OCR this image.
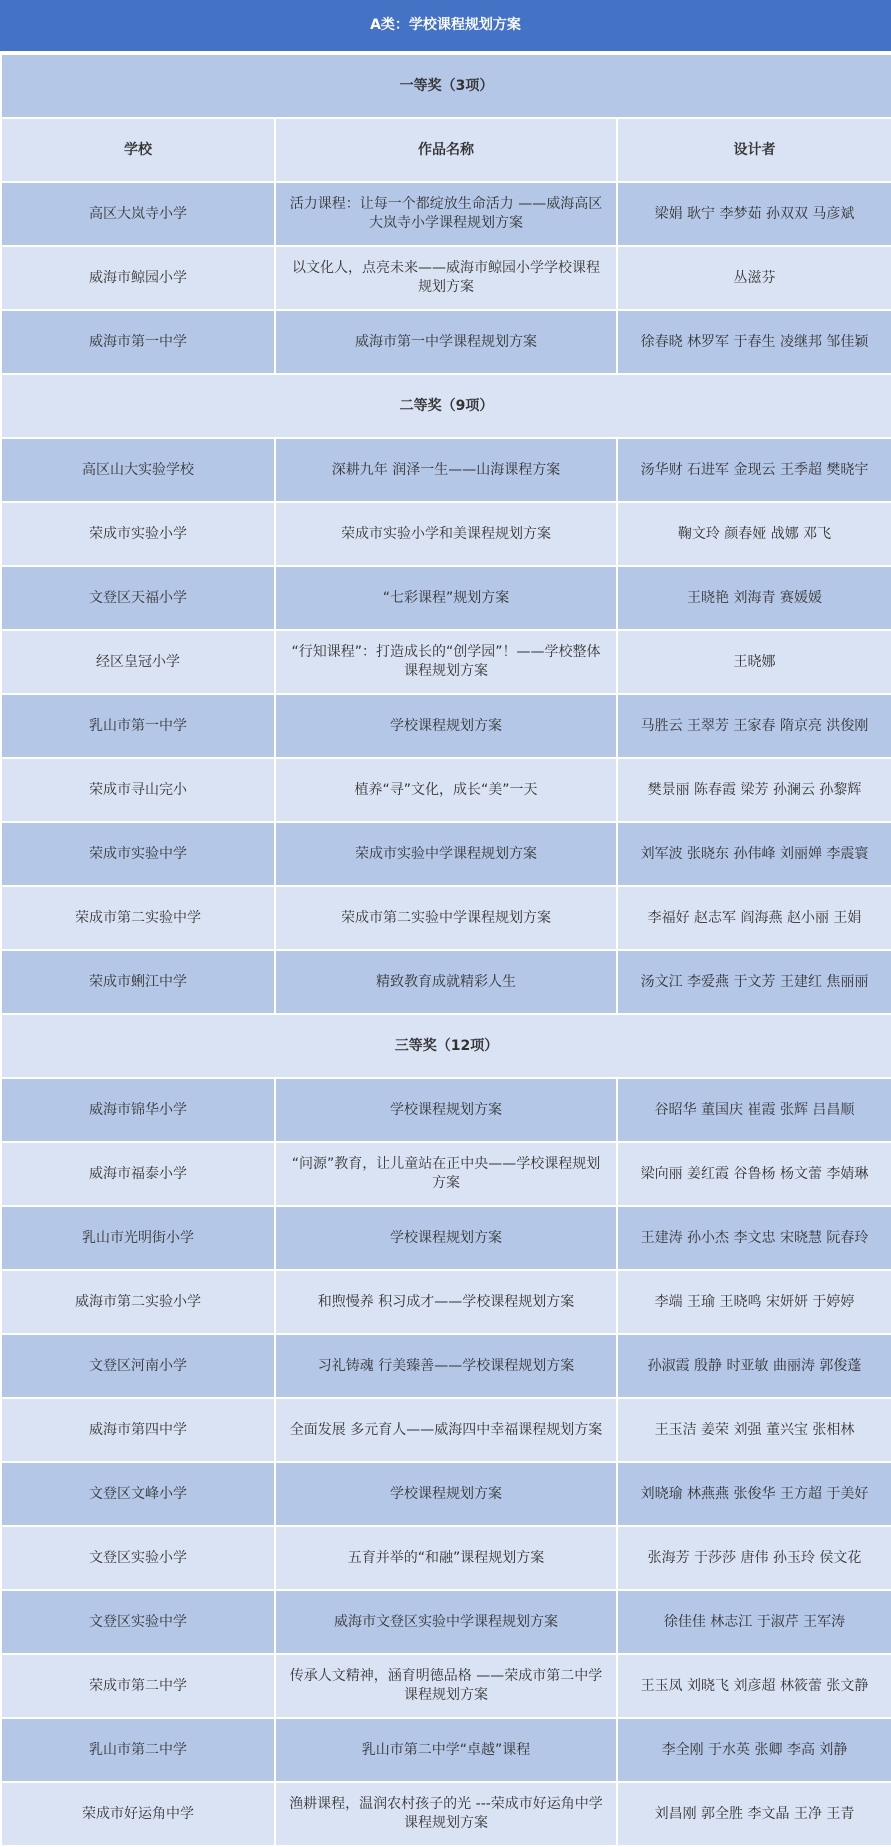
A类：学校课程规划方案
一等奖（3项）		
学校	作品名称	设计者
高区大岚寺小学	活力课程：让每一个都绽放生命活力 ——威海高区大岚寺小学课程规划方案	梁娟 耿宁 李梦茹 孙双双 马彦斌
威海市鲸园小学	以文化人，点亮未来——威海市鲸园小学学校课程规划方案	丛滋芬
威海市第一中学	威海市第一中学课程规划方案	徐春晓 林罗军 于春生 凌继邦 邹佳颖
二等奖（9项）		
高区山大实验学校	深耕九年 润泽一生——山海课程方案	汤华财 石进军 金现云 王季超 樊晓宇
荣成市实验小学	荣成市实验小学和美课程规划方案	鞠文玲 颜春娅 战娜 邓飞
文登区天福小学	“七彩课程”规划方案	王晓艳 刘海青 赛媛媛
经区皇冠小学	“行知课程”：打造成长的“创学园”！——学校整体课程规划方案	王晓娜
乳山市第一中学	学校课程规划方案	马胜云 王翠芳 王家春 隋京亮 洪俊刚
荣成市寻山完小	植养“寻”文化，成长“美”一天	樊景丽 陈春霞 梁芳 孙澜云 孙黎辉
荣成市实验中学	荣成市实验中学课程规划方案	刘军波 张晓东 孙伟峰 刘丽婵 李震寰
荣成市第二实验中学	荣成市第二实验中学课程规划方案	李福好 赵志军 阎海燕 赵小丽 王娟
荣成市蜊江中学	精致教育成就精彩人生	汤文江 李爱燕 于文芳 王建红 焦丽丽
三等奖（12项）		
威海市锦华小学	学校课程规划方案	谷昭华 董国庆 崔霞 张辉 吕昌顺
威海市福泰小学	“问源”教育，让儿童站在正中央——学校课程规划方案	梁向丽 姜红霞 谷鲁杨 杨文蕾 李婧琳
乳山市光明街小学	学校课程规划方案	王建涛 孙小杰 李文忠 宋晓慧 阮春玲
威海市第二实验小学	和煦慢养 积习成才——学校课程规划方案	李端 王瑜 王晓鸣 宋妍妍 于婷婷
文登区河南小学	习礼铸魂 行美臻善——学校课程规划方案	孙淑霞 殷静 时亚敏 曲丽涛 郭俊蓬
威海市第四中学	全面发展 多元育人——威海四中幸福课程规划方案	王玉洁 姜荣 刘强 董兴宝 张相林
文登区文峰小学	学校课程规划方案	刘晓瑜 林燕燕 张俊华 王方超 于美好
文登区实验小学	五育并举的“和融”课程规划方案	张海芳 于莎莎 唐伟 孙玉玲 侯文花
文登区实验中学	威海市文登区实验中学课程规划方案	徐佳佳 林志江 于淑芹 王军涛
荣成市第二中学	传承人文精神，涵育明德品格 ——荣成市第二中学课程规划方案	王玉凤 刘晓飞 刘彦超 林筱蕾 张文静
乳山市第二中学	乳山市第二中学“卓越”课程	李全刚 于水英 张卿 李高 刘静
荣成市好运角中学	渔耕课程，温润农村孩子的光 ---荣成市好运角中学课程规划方案	刘昌刚 郭全胜 李文晶 王净 王青
